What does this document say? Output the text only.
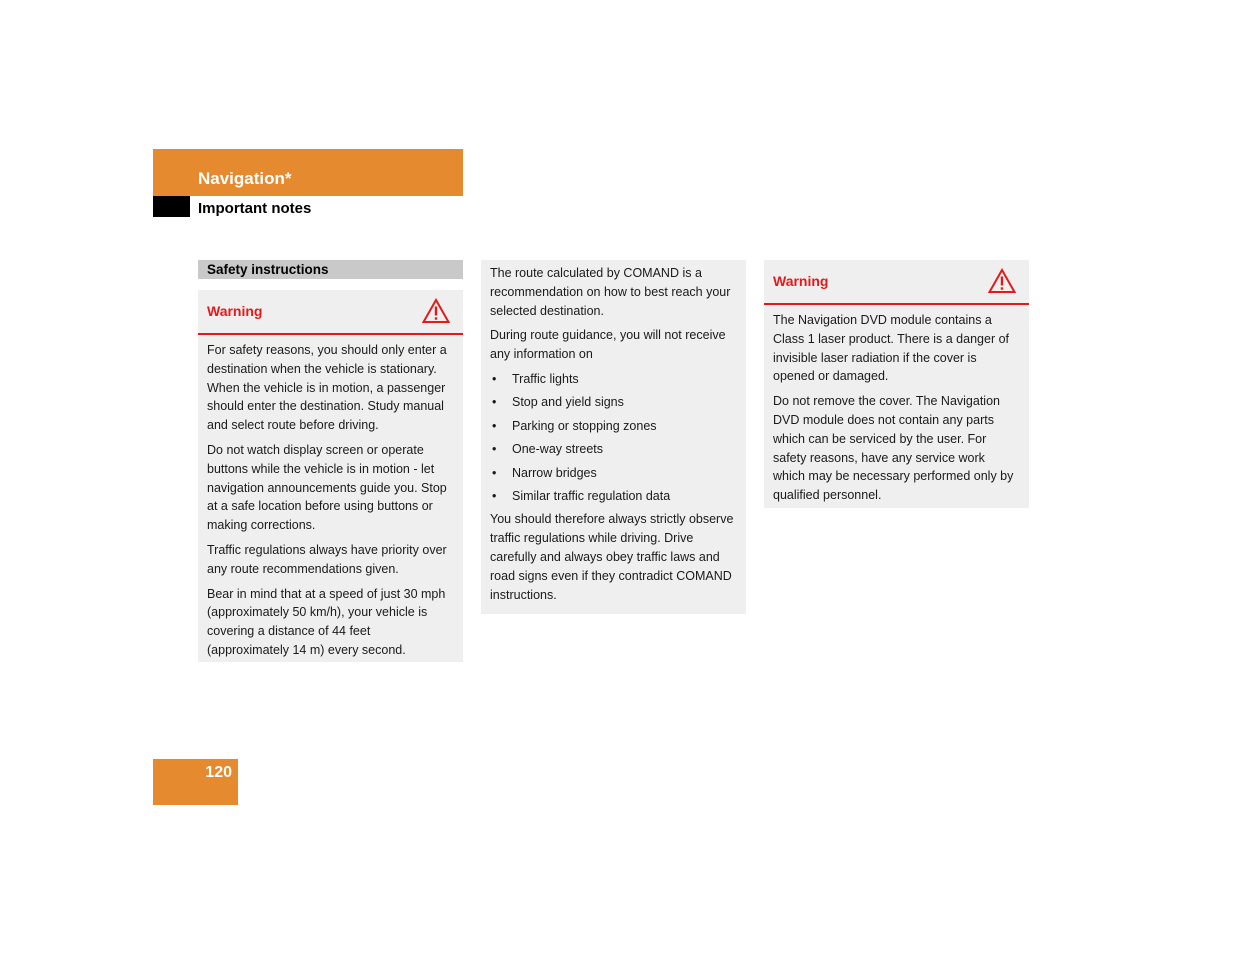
Navigation*
Important notes
Safety instructions
Warning

For safety reasons, you should only enter a destination when the vehicle is stationary. When the vehicle is in motion, a passenger should enter the destination. Study manual and select route before driving.

Do not watch display screen or operate buttons while the vehicle is in motion - let navigation announcements guide you. Stop at a safe location before using buttons or making corrections.

Traffic regulations always have priority over any route recommendations given.

Bear in mind that at a speed of just 30 mph (approximately 50 km/h), your vehicle is covering a distance of 44 feet (approximately 14 m) every second.

The route calculated by COMAND is a recommendation on how to best reach your selected destination.

During route guidance, you will not receive any information on

• Traffic lights
• Stop and yield signs
• Parking or stopping zones
• One-way streets
• Narrow bridges
• Similar traffic regulation data

You should therefore always strictly observe traffic regulations while driving. Drive carefully and always obey traffic laws and road signs even if they contradict COMAND instructions.

Warning

The Navigation DVD module contains a Class 1 laser product. There is a danger of invisible laser radiation if the cover is opened or damaged.

Do not remove the cover. The Navigation DVD module does not contain any parts which can be serviced by the user. For safety reasons, have any service work which may be necessary performed only by qualified personnel.

120
